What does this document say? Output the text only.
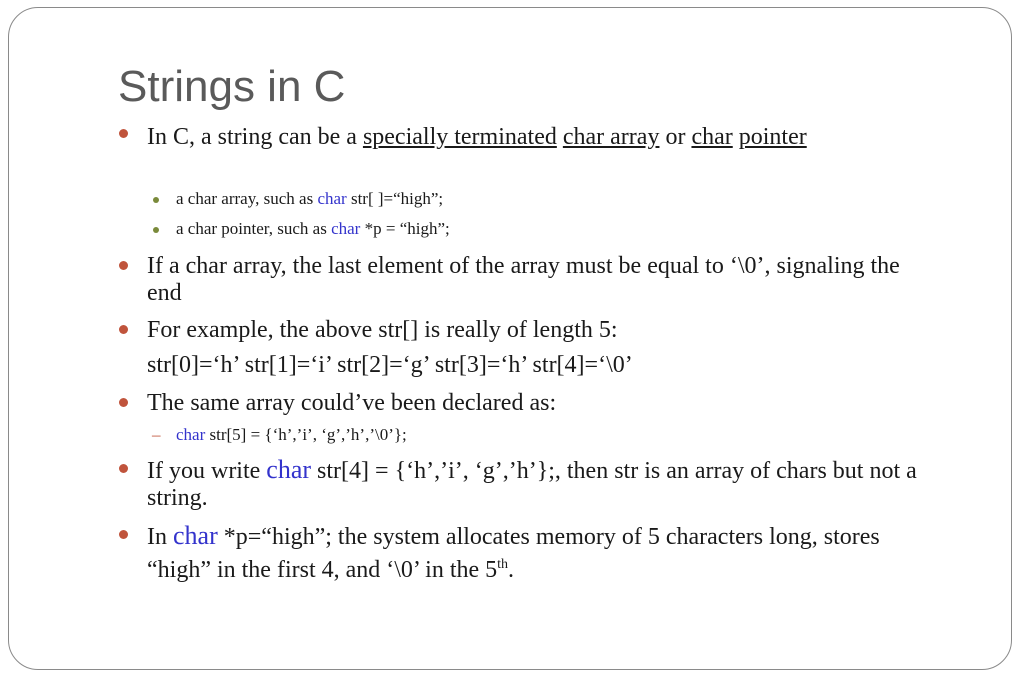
Strings in C
In C, a string can be a specially terminated char array or char pointer
a char array, such as char str[ ]=“high”;
a char pointer, such as char *p = “high”;
If a char array, the last element of the array must be equal to ‘\0’, signaling the end
For example, the above str[] is really of length 5:
str[0]=‘h’ str[1]=‘i’ str[2]=‘g’ str[3]=‘h’ str[4]=‘\0’
The same array could’ve been declared as:
– char str[5] = {‘h’,’i’, ‘g’,’h’,’\0’};
If you write char str[4] = {‘h’,’i’, ‘g’,’h’};, then str is an array of chars but not a string.
In char *p=“high”; the system allocates memory of 5 characters long, stores “high” in the first 4, and ‘\0’ in the 5th.
